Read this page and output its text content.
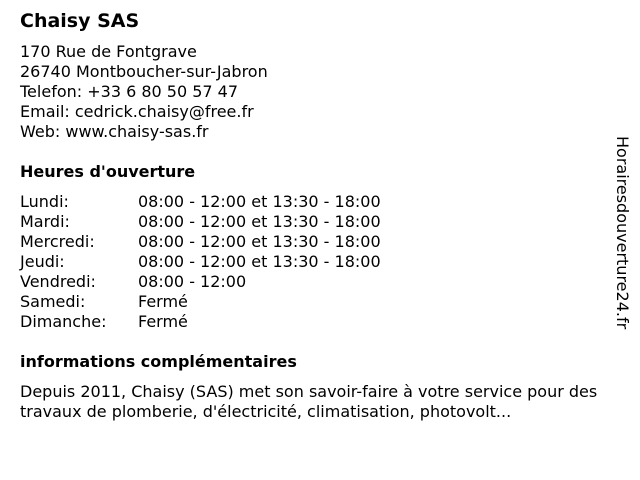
Chaisy SAS
170 Rue de Fontgrave
26740 Montboucher-sur-Jabron
Telefon: +33 6 80 50 57 47
Email: cedrick.chaisy@free.fr
Web: www.chaisy-sas.fr
Heures d'ouverture
Lundi:	08:00 - 12:00 et 13:30 - 18:00
Mardi:	08:00 - 12:00 et 13:30 - 18:00
Mercredi:	08:00 - 12:00 et 13:30 - 18:00
Jeudi:	08:00 - 12:00 et 13:30 - 18:00
Vendredi:	08:00 - 12:00
Samedi:	Fermé
Dimanche:	Fermé
informations complémentaires
Depuis 2011, Chaisy (SAS) met son savoir-faire à votre service pour des travaux de plomberie, d'électricité, climatisation, photovolt...
Horairesdouverture24.fr
